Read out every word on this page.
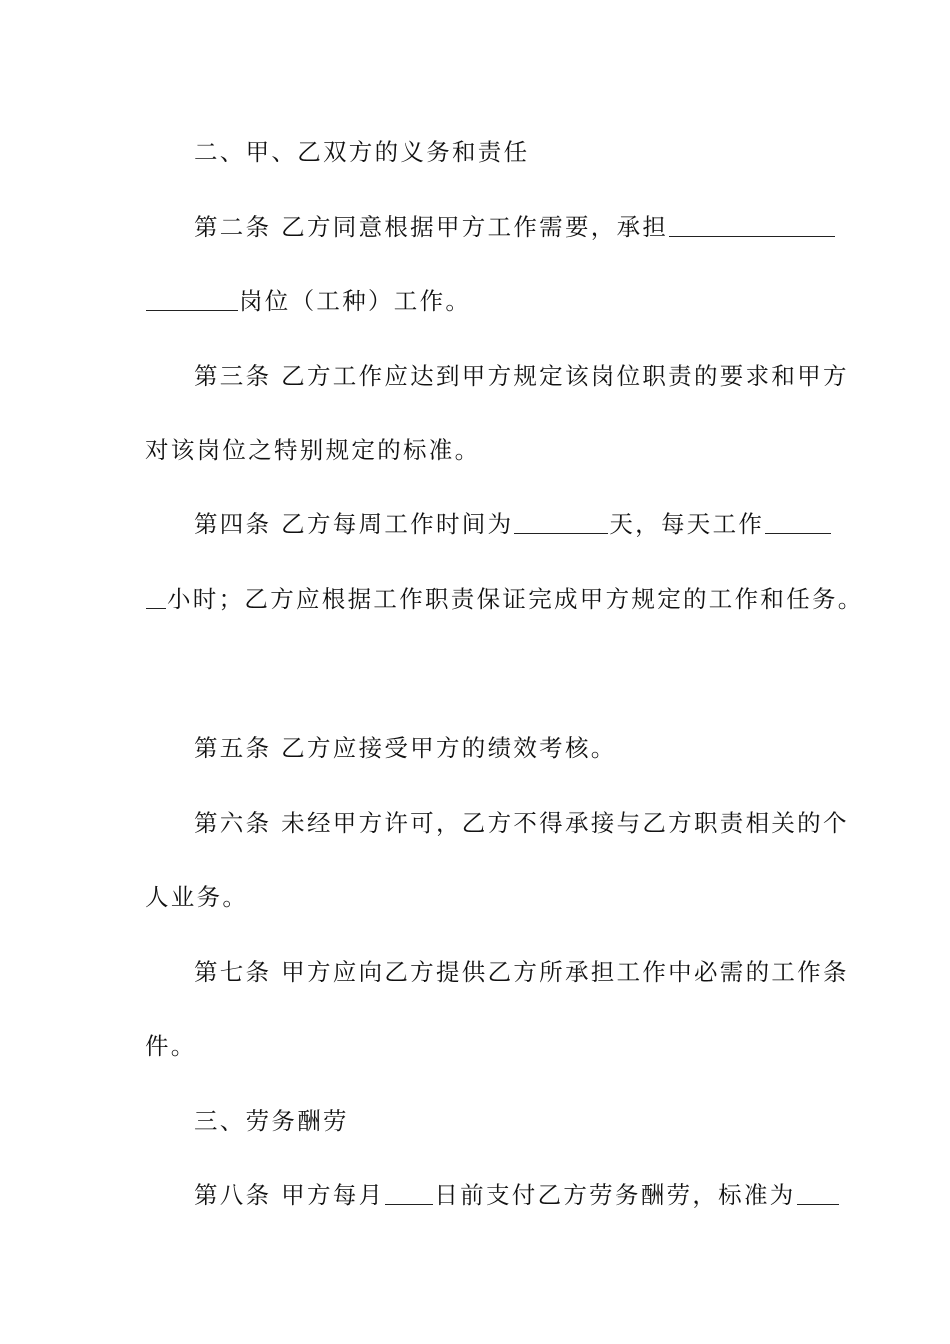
二、甲、乙双方的义务和责任
第二条 乙方同意根据甲方工作需要，承担
岗位（工种）工作。
第三条 乙方工作应达到甲方规定该岗位职责的要求和甲方
对该岗位之特别规定的标准。
第四条 乙方每周工作时间为	天，每天工作
小时；乙方应根据工作职责保证完成甲方规定的工作和任务。
第五条 乙方应接受甲方的绩效考核。
第六条 未经甲方许可，乙方不得承接与乙方职责相关的个
人业务。
第七条 甲方应向乙方提供乙方所承担工作中必需的工作条
件。
三、劳务酬劳
第八条 甲方每月 日前支付乙方劳务酬劳，标准为
